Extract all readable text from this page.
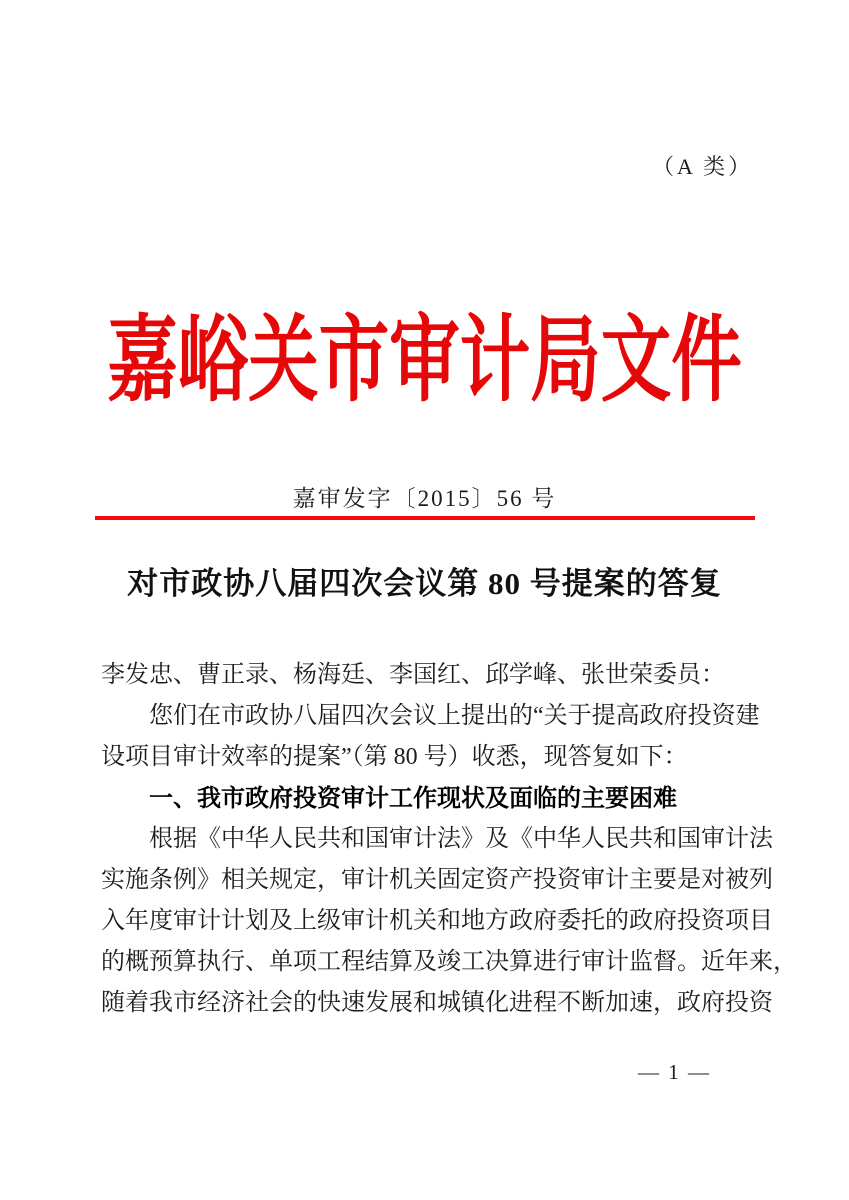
（A 类）
嘉峪关市审计局文件
嘉审发字〔2015〕56 号
对市政协八届四次会议第 80 号提案的答复

李发忠、曹正录、杨海廷、李国红、邱学峰、张世荣委员：

您们在市政协八届四次会议上提出的“关于提高政府投资建

设项目审计效率的提案”（第 80 号）收悉，现答复如下：

一、我市政府投资审计工作现状及面临的主要困难

根据《中华人民共和国审计法》及《中华人民共和国审计法

实施条例》相关规定，审计机关固定资产投资审计主要是对被列

入年度审计计划及上级审计机关和地方政府委托的政府投资项目

的概预算执行、单项工程结算及竣工决算进行审计监督。近年来，

随着我市经济社会的快速发展和城镇化进程不断加速，政府投资

— 1 —
